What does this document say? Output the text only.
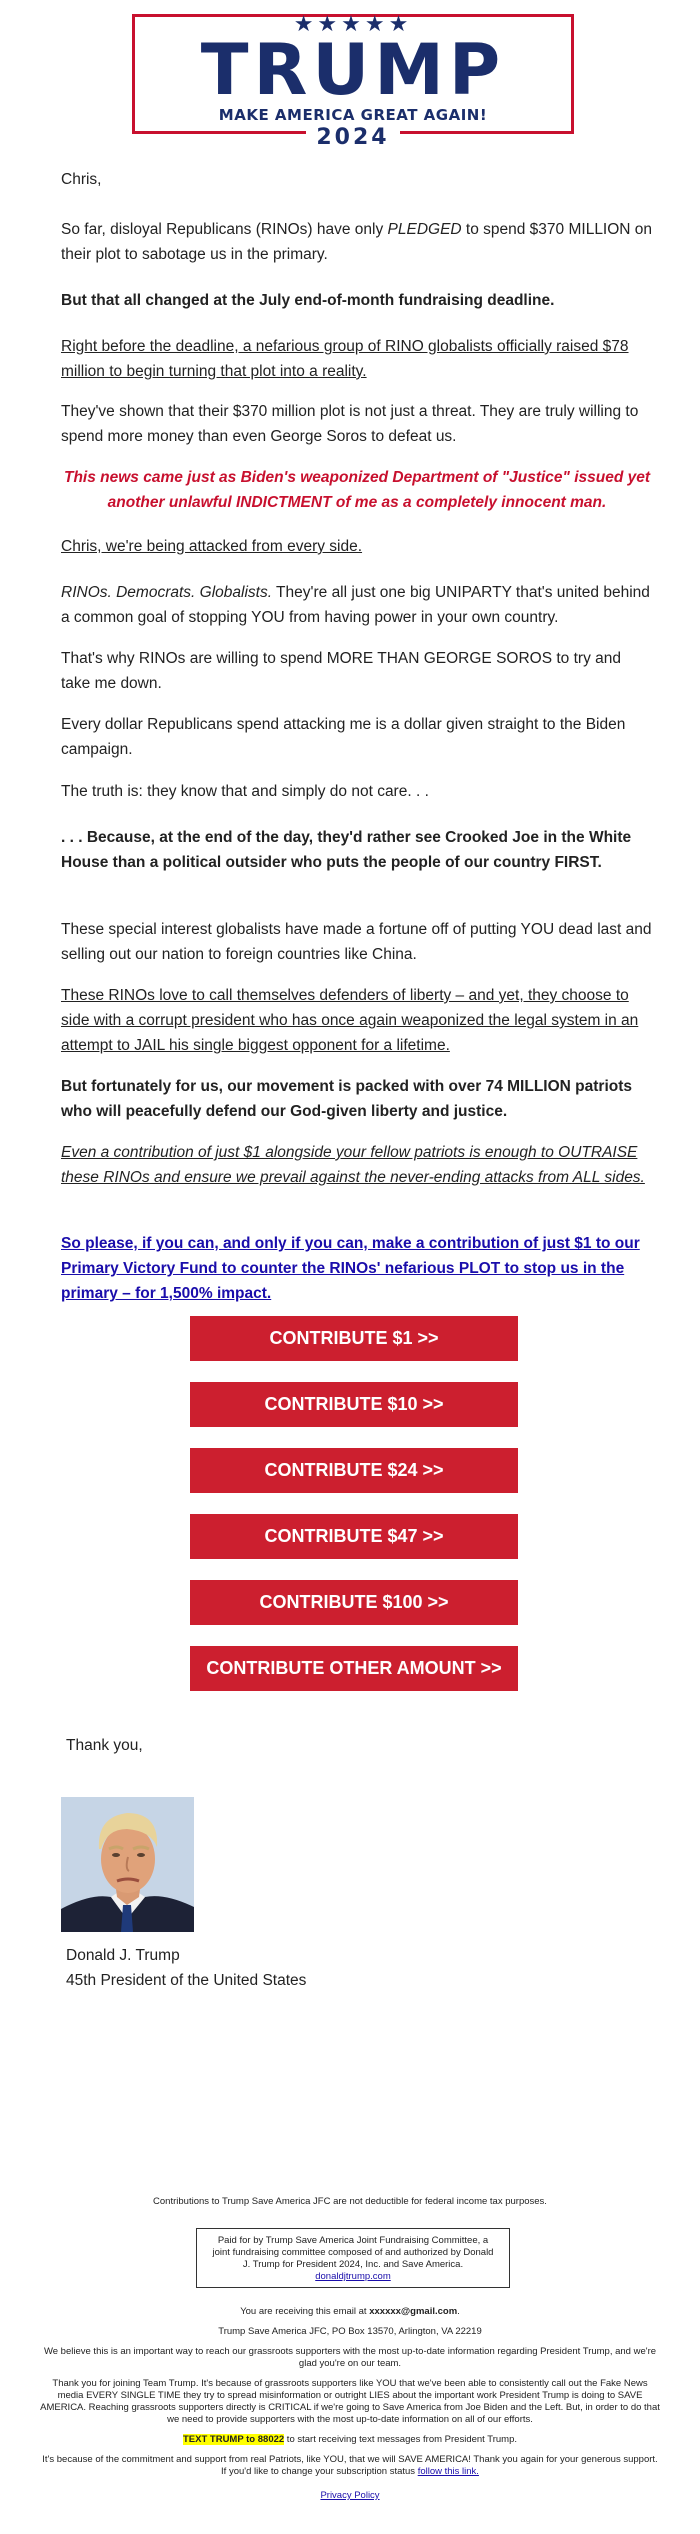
★★★★★
TRUMP
MAKE AMERICA GREAT AGAIN!
2024
Chris,
So far, disloyal Republicans (RINOs) have only PLEDGED to spend $370 MILLION on their plot to sabotage us in the primary.
But that all changed at the July end-of-month fundraising deadline.
Right before the deadline, a nefarious group of RINO globalists officially raised $78 million to begin turning that plot into a reality.
They've shown that their $370 million plot is not just a threat. They are truly willing to spend more money than even George Soros to defeat us.
This news came just as Biden's weaponized Department of "Justice" issued yet another unlawful INDICTMENT of me as a completely innocent man.
Chris, we're being attacked from every side.
RINOs. Democrats. Globalists. They're all just one big UNIPARTY that's united behind a common goal of stopping YOU from having power in your own country.
That's why RINOs are willing to spend MORE THAN GEORGE SOROS to try and take me down.
Every dollar Republicans spend attacking me is a dollar given straight to the Biden campaign.
The truth is: they know that and simply do not care. . .
. . . Because, at the end of the day, they'd rather see Crooked Joe in the White House than a political outsider who puts the people of our country FIRST.
These special interest globalists have made a fortune off of putting YOU dead last and selling out our nation to foreign countries like China.
These RINOs love to call themselves defenders of liberty – and yet, they choose to side with a corrupt president who has once again weaponized the legal system in an attempt to JAIL his single biggest opponent for a lifetime.
But fortunately for us, our movement is packed with over 74 MILLION patriots who will peacefully defend our God-given liberty and justice.
Even a contribution of just $1 alongside your fellow patriots is enough to OUTRAISE these RINOs and ensure we prevail against the never-ending attacks from ALL sides.
So please, if you can, and only if you can, make a contribution of just $1 to our Primary Victory Fund to counter the RINOs' nefarious PLOT to stop us in the primary – for 1,500% impact.
CONTRIBUTE $1 >>
CONTRIBUTE $10 >>
CONTRIBUTE $24 >>
CONTRIBUTE $47 >>
CONTRIBUTE $100 >>
CONTRIBUTE OTHER AMOUNT >>
Thank you,
Donald J. Trump
45th President of the United States
Contributions to Trump Save America JFC are not deductible for federal income tax purposes.
Paid for by Trump Save America Joint Fundraising Committee, a joint fundraising committee composed of and authorized by Donald J. Trump for President 2024, Inc. and Save America.
donaldjtrump.com
You are receiving this email at xxxxxx@gmail.com.
Trump Save America JFC, PO Box 13570, Arlington, VA 22219
We believe this is an important way to reach our grassroots supporters with the most up-to-date information regarding President Trump, and we're glad you're on our team.
Thank you for joining Team Trump. It's because of grassroots supporters like YOU that we've been able to consistently call out the Fake News media EVERY SINGLE TIME they try to spread misinformation or outright LIES about the important work President Trump is doing to SAVE AMERICA. Reaching grassroots supporters directly is CRITICAL if we're going to Save America from Joe Biden and the Left. But, in order to do that we need to provide supporters with the most up-to-date information on all of our efforts.
TEXT TRUMP to 88022 to start receiving text messages from President Trump.
It's because of the commitment and support from real Patriots, like YOU, that we will SAVE AMERICA! Thank you again for your generous support. If you'd like to change your subscription status follow this link.
Privacy Policy
